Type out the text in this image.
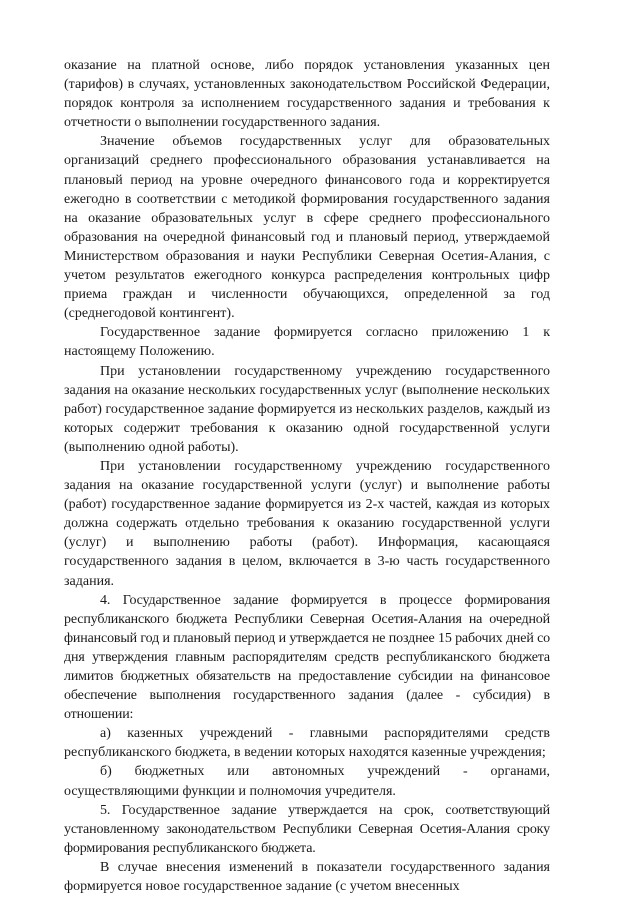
оказание на платной основе, либо порядок установления указанных цен (тарифов) в случаях, установленных законодательством Российской Федерации, порядок контроля за исполнением государственного задания и требования к отчетности о выполнении государственного задания.

Значение объемов государственных услуг для образовательных организаций среднего профессионального образования устанавливается на плановый период на уровне очередного финансового года и корректируется ежегодно в соответствии с методикой формирования государственного задания на оказание образовательных услуг в сфере среднего профессионального образования на очередной финансовый год и плановый период, утверждаемой Министерством образования и науки Республики Северная Осетия-Алания, с учетом результатов ежегодного конкурса распределения контрольных цифр приема граждан и численности обучающихся, определенной за год (среднегодовой контингент).

Государственное задание формируется согласно приложению 1 к настоящему Положению.

При установлении государственному учреждению государственного задания на оказание нескольких государственных услуг (выполнение нескольких работ) государственное задание формируется из нескольких разделов, каждый из которых содержит требования к оказанию одной государственной услуги (выполнению одной работы).

При установлении государственному учреждению государственного задания на оказание государственной услуги (услуг) и выполнение работы (работ) государственное задание формируется из 2-х частей, каждая из которых должна содержать отдельно требования к оказанию государственной услуги (услуг) и выполнению работы (работ). Информация, касающаяся государственного задания в целом, включается в 3-ю часть государственного задания.

4. Государственное задание формируется в процессе формирования республиканского бюджета Республики Северная Осетия-Алания на очередной финансовый год и плановый период и утверждается не позднее 15 рабочих дней со дня утверждения главным распорядителям средств республиканского бюджета лимитов бюджетных обязательств на предоставление субсидии на финансовое обеспечение выполнения государственного задания (далее - субсидия) в отношении:

а) казенных учреждений - главными распорядителями средств республиканского бюджета, в ведении которых находятся казенные учреждения;

б) бюджетных или автономных учреждений - органами, осуществляющими функции и полномочия учредителя.

5. Государственное задание утверждается на срок, соответствующий установленному законодательством Республики Северная Осетия-Алания сроку формирования республиканского бюджета.

В случае внесения изменений в показатели государственного задания формируется новое государственное задание (с учетом внесенных
